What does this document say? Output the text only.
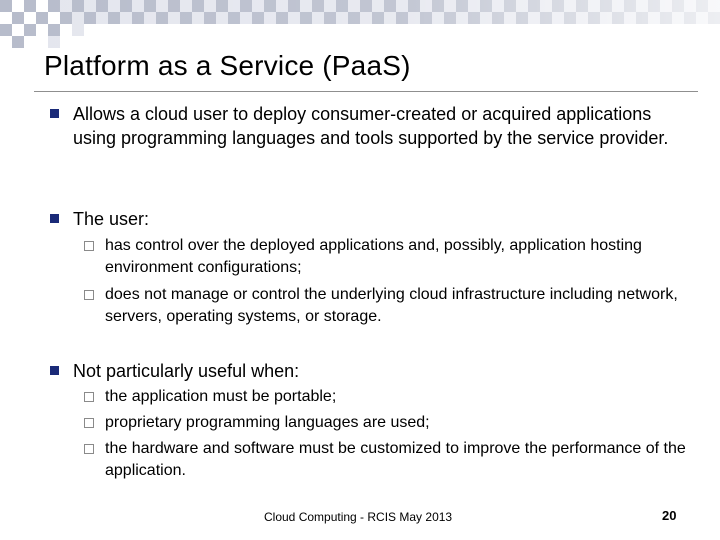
Platform as a Service (PaaS)
Allows a cloud user to deploy consumer-created or acquired applications using programming languages and tools supported by the service provider.
The user:
has control over the deployed applications and, possibly, application hosting environment configurations;
does not manage or control the underlying cloud infrastructure including network, servers, operating systems, or storage.
Not particularly useful when:
the application must be portable;
proprietary programming languages are used;
the hardware and software must be customized to improve the performance of the application.
Cloud Computing - RCIS May 2013	20
